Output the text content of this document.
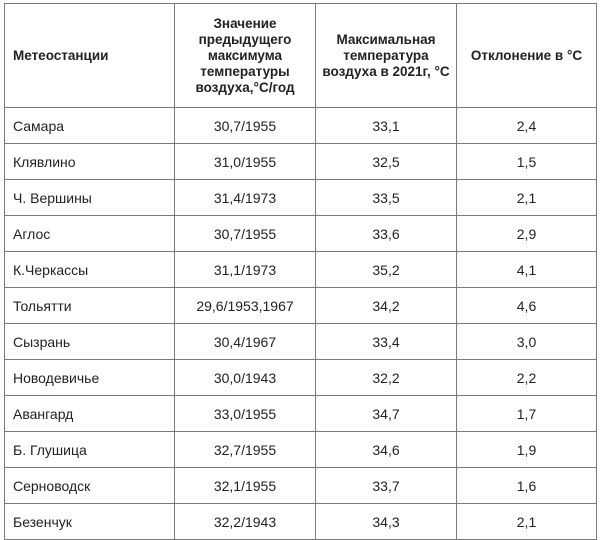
Метеостанции	Значение предыдущего максимума температуры воздуха,°С/год	Максимальная температура воздуха в 2021г, °С	Отклонение в °С
Самара	30,7/1955	33,1	2,4
Клявлино	31,0/1955	32,5	1,5
Ч. Вершины	31,4/1973	33,5	2,1
Аглос	30,7/1955	33,6	2,9
К.Черкассы	31,1/1973	35,2	4,1
Тольятти	29,6/1953,1967	34,2	4,6
Сызрань	30,4/1967	33,4	3,0
Новодевичье	30,0/1943	32,2	2,2
Авангард	33,0/1955	34,7	1,7
Б. Глушица	32,7/1955	34,6	1,9
Серноводск	32,1/1955	33,7	1,6
Безенчук	32,2/1943	34,3	2,1
